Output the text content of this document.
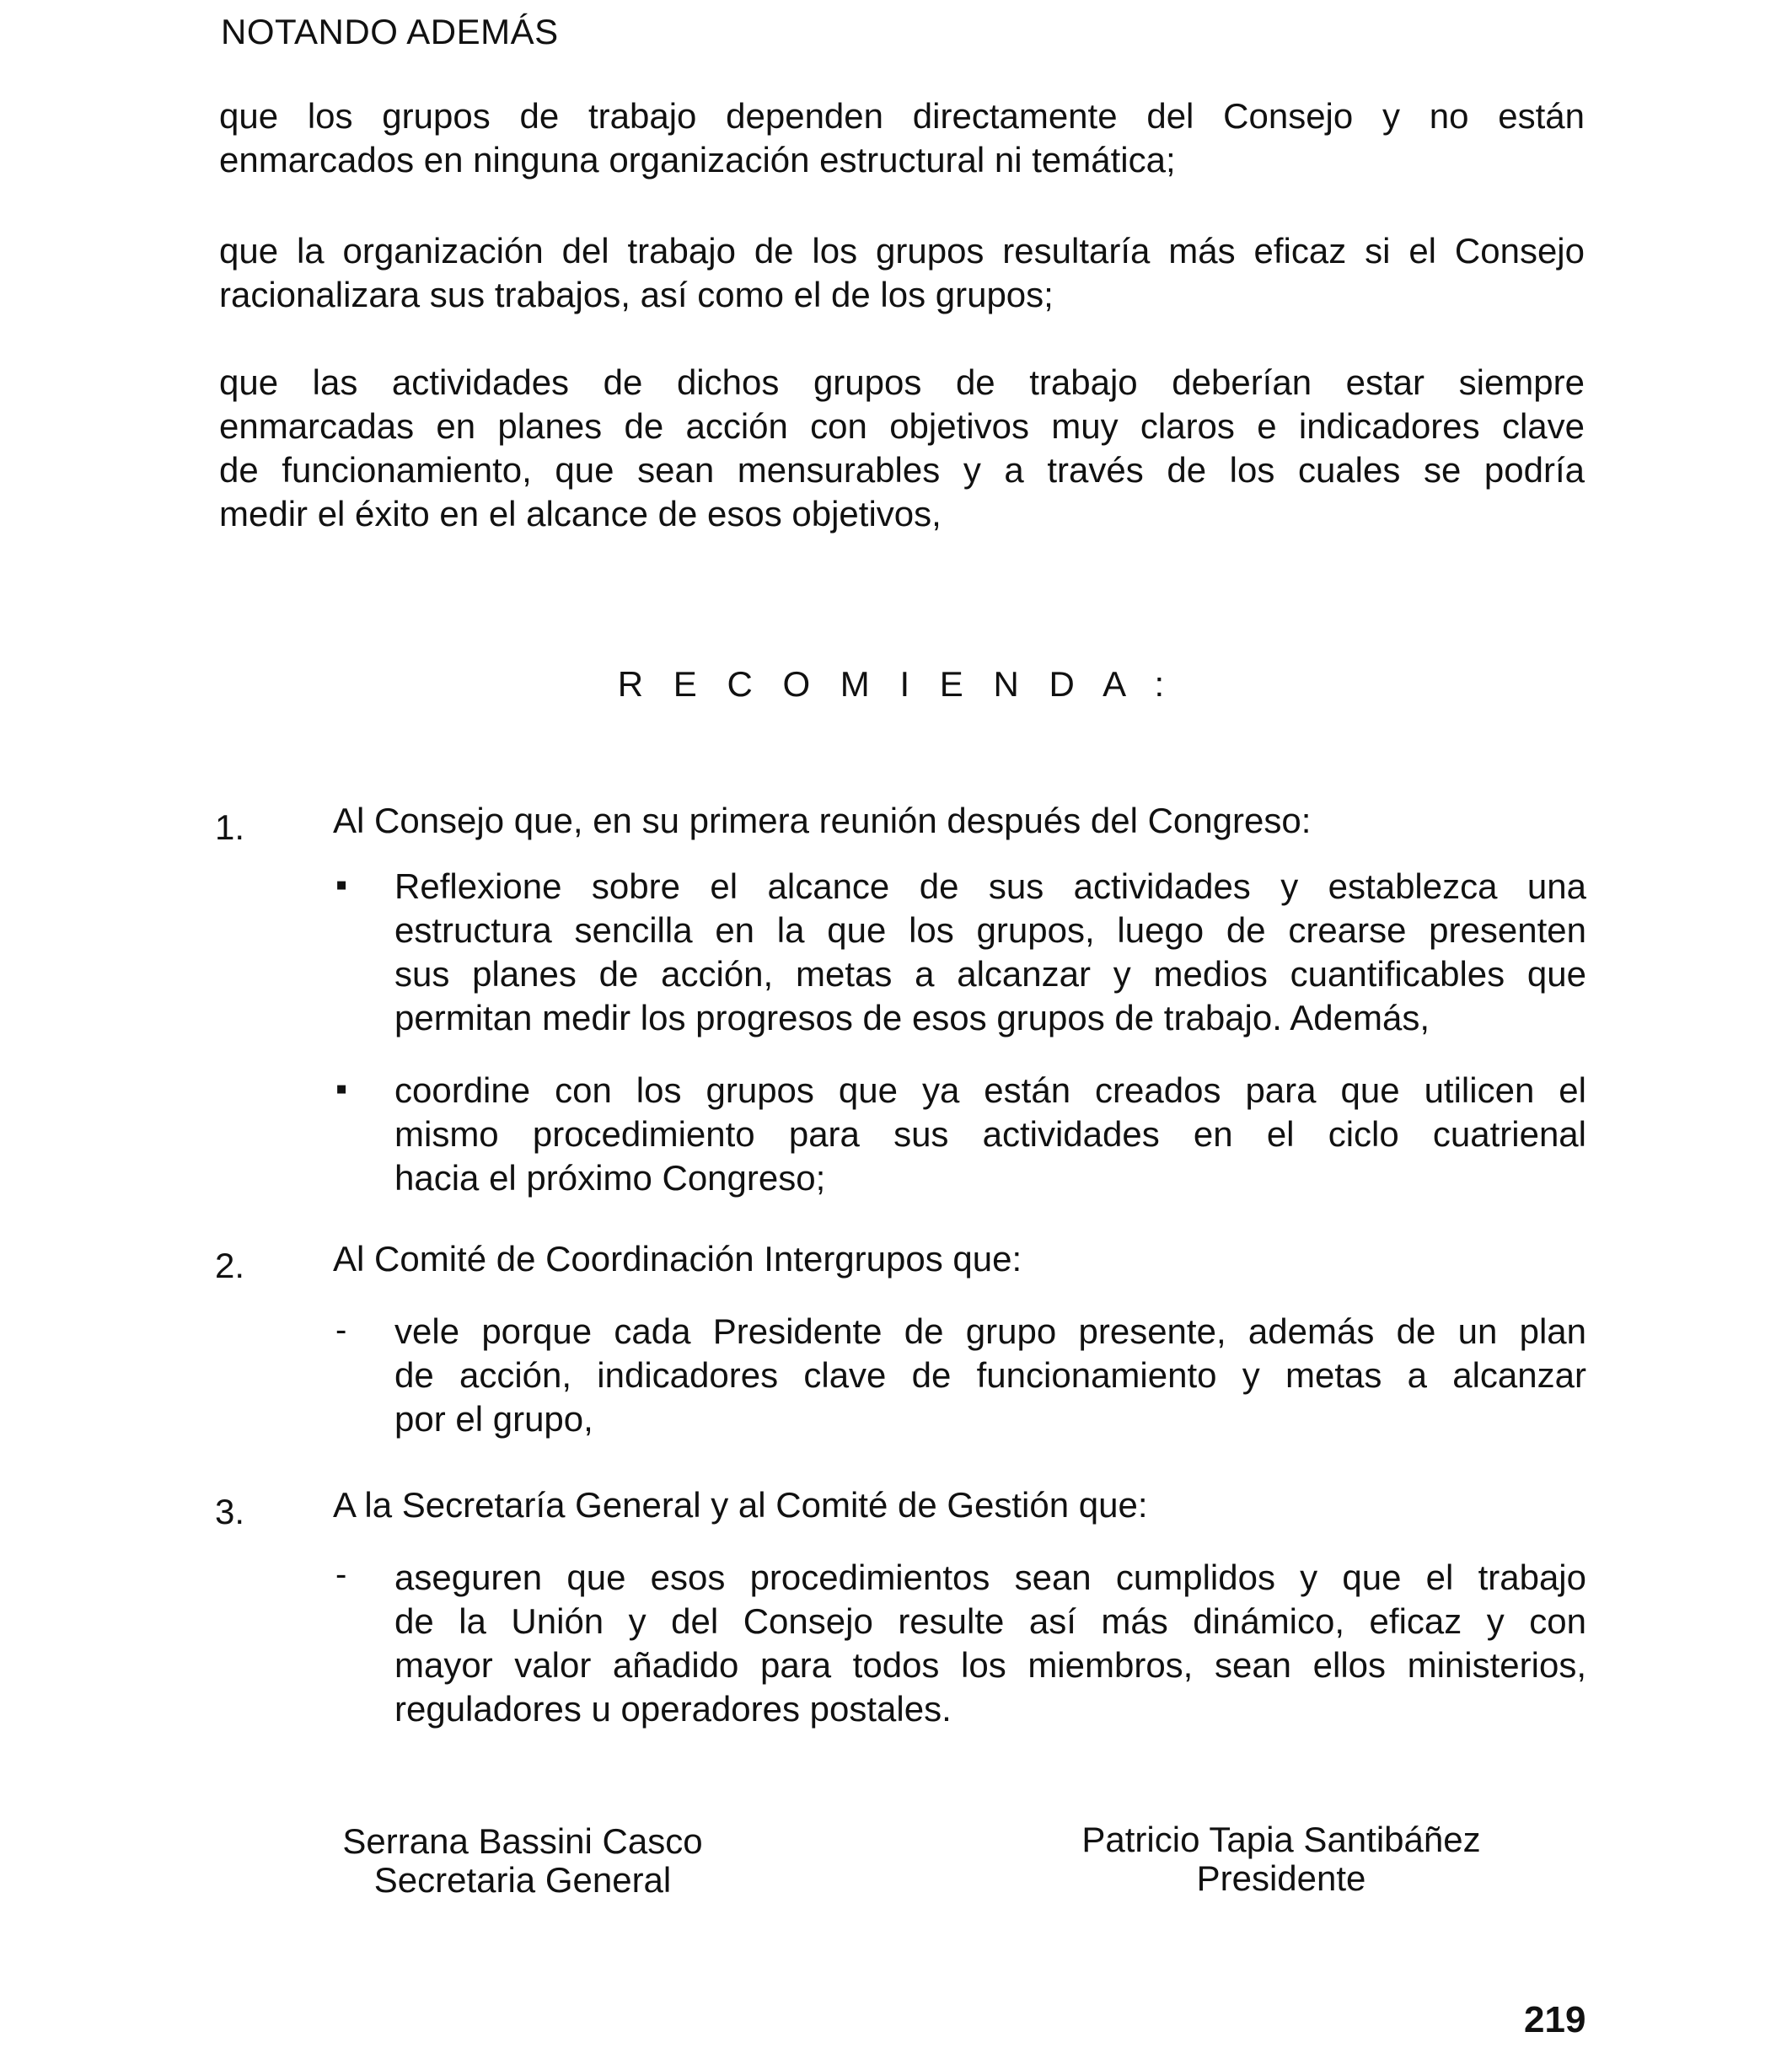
NOTANDO ADEMÁS
que los grupos de trabajo dependen directamente del Consejo y no están
enmarcados en ninguna organización estructural ni temática;
que la organización del trabajo de los grupos resultaría más eficaz si el Consejo
racionalizara sus trabajos, así como el de los grupos;
que las actividades de dichos grupos de trabajo deberían estar siempre
enmarcadas en planes de acción con objetivos muy claros e indicadores clave
de funcionamiento, que sean mensurables y a través de los cuales se podría
medir el éxito en el alcance de esos objetivos,
R E C O M I E N D A :
1. Al Consejo que, en su primera reunión después del Congreso:
▪ Reflexione sobre el alcance de sus actividades y establezca una
estructura sencilla en la que los grupos, luego de crearse presenten
sus planes de acción, metas a alcanzar y medios cuantificables que
permitan medir los progresos de esos grupos de trabajo. Además,
▪ coordine con los grupos que ya están creados para que utilicen el
mismo procedimiento para sus actividades en el ciclo cuatrienal
hacia el próximo Congreso;
2. Al Comité de Coordinación Intergrupos que:
- vele porque cada Presidente de grupo presente, además de un plan
de acción, indicadores clave de funcionamiento y metas a alcanzar
por el grupo,
3. A la Secretaría General y al Comité de Gestión que:
- aseguren que esos procedimientos sean cumplidos y que el trabajo
de la Unión y del Consejo resulte así más dinámico, eficaz y con
mayor valor añadido para todos los miembros, sean ellos ministerios,
reguladores u operadores postales.
Serrana Bassini Casco
Secretaria General
Patricio Tapia Santibáñez
Presidente
219
